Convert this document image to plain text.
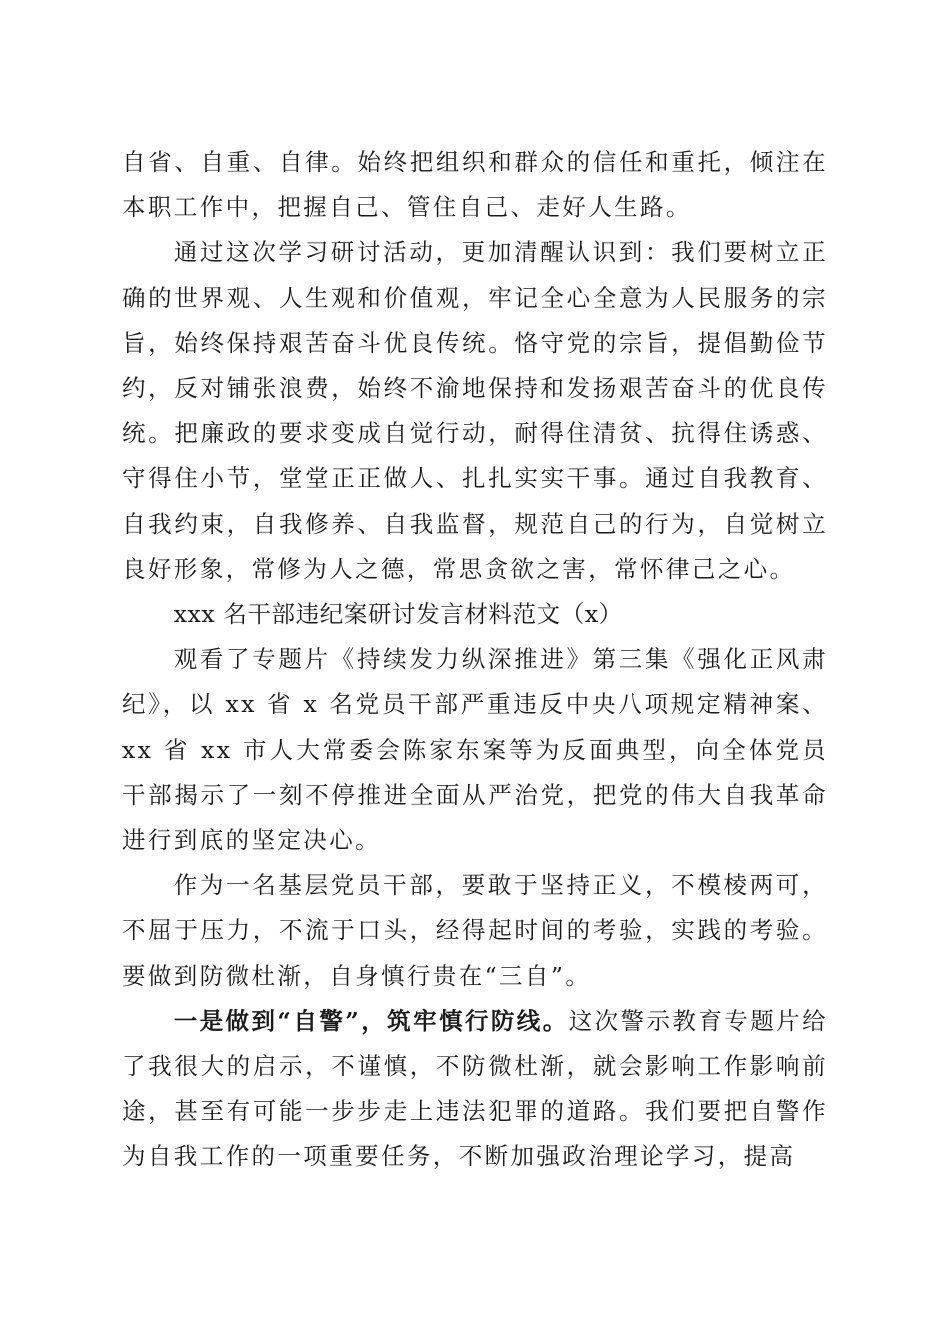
自省、自重、自律。始终把组织和群众的信任和重托，倾注在本职工作中，把握自己、管住自己、走好人生路。

通过这次学习研讨活动，更加清醒认识到：我们要树立正确的世界观、人生观和价值观，牢记全心全意为人民服务的宗旨，始终保持艰苦奋斗优良传统。恪守党的宗旨，提倡勤俭节约，反对铺张浪费，始终不渝地保持和发扬艰苦奋斗的优良传统。把廉政的要求变成自觉行动，耐得住清贫、抗得住诱惑、守得住小节，堂堂正正做人、扎扎实实干事。通过自我教育、自我约束，自我修养、自我监督，规范自己的行为，自觉树立良好形象，常修为人之德，常思贪欲之害，常怀律己之心。

xxx 名干部违纪案研讨发言材料范文（x）

观看了专题片《持续发力纵深推进》第三集《强化正风肃纪》，以 xx 省 x 名党员干部严重违反中央八项规定精神案、xx 省 xx 市人大常委会陈家东案等为反面典型，向全体党员干部揭示了一刻不停推进全面从严治党，把党的伟大自我革命进行到底的坚定决心。

作为一名基层党员干部，要敢于坚持正义，不模棱两可，不屈于压力，不流于口头，经得起时间的考验，实践的考验。要做到防微杜渐，自身慎行贵在“三自”。

一是做到“自警”，筑牢慎行防线。这次警示教育专题片给了我很大的启示，不谨慎，不防微杜渐，就会影响工作影响前途，甚至有可能一步步走上违法犯罪的道路。我们要把自警作为自我工作的一项重要任务，不断加强政治理论学习，提高
